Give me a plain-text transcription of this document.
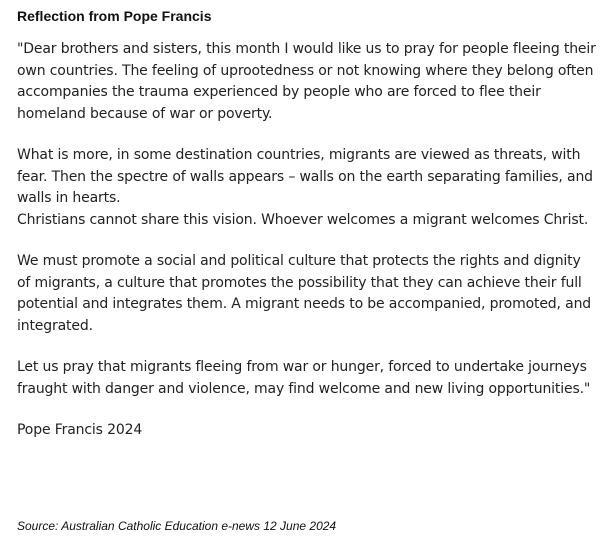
Reflection from Pope Francis

"Dear brothers and sisters, this month I would like us to pray for people fleeing their own countries. The feeling of uprootedness or not knowing where they belong often accompanies the trauma experienced by people who are forced to flee their homeland because of war or poverty.

What is more, in some destination countries, migrants are viewed as threats, with fear. Then the spectre of walls appears – walls on the earth separating families, and walls in hearts.

Christians cannot share this vision. Whoever welcomes a migrant welcomes Christ.

We must promote a social and political culture that protects the rights and dignity of migrants, a culture that promotes the possibility that they can achieve their full potential and integrates them. A migrant needs to be accompanied, promoted, and integrated.

Let us pray that migrants fleeing from war or hunger, forced to undertake journeys fraught with danger and violence, may find welcome and new living opportunities."

Pope Francis 2024

Source: Australian Catholic Education e-news 12 June 2024
